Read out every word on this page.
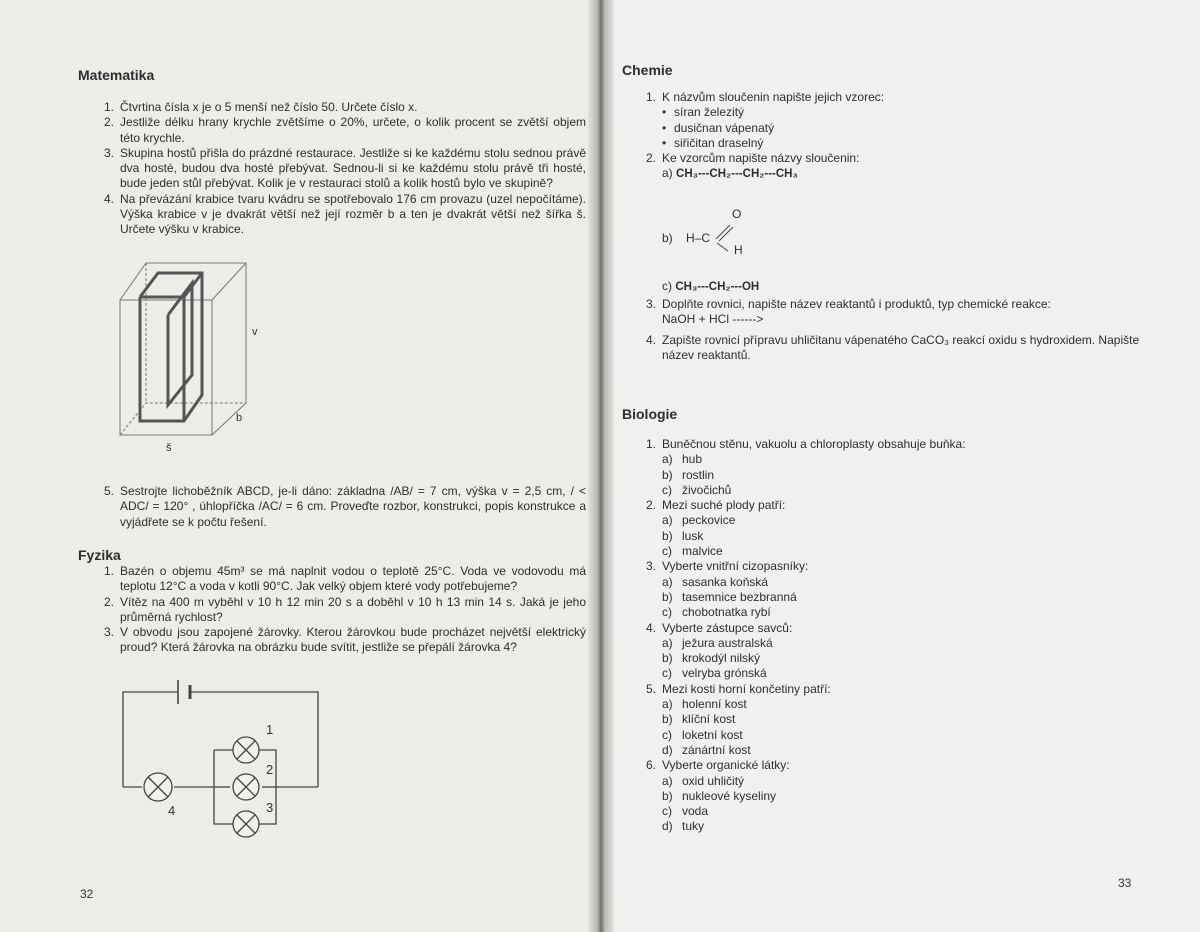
Matematika
1. Čtvrtina čísla x je o 5 menší než číslo 50. Určete číslo x.
2. Jestliže délku hrany krychle zvětšíme o 20%, určete, o kolik procent se zvětší objem této krychle.
3. Skupina hostů přišla do prázdné restaurace. Jestliže si ke každému stolu sednou právě dva hosté, budou dva hosté přebývat. Sednou-li si ke každému stolu právě tři hosté, bude jeden stůl přebývat. Kolik je v restauraci stolů a kolik hostů bylo ve skupině?
4. Na převázání krabice tvaru kvádru se spotřebovalo 176 cm provazu (uzel nepočítáme). Výška krabice v je dvakrát větší než její rozměr b a ten je dvakrát větší než šířka š. Určete výšku v krabice.
v
b
š
5. Sestrojte lichoběžník ABCD, je-li dáno: základna /AB/ = 7 cm, výška v = 2,5 cm, / < ADC/ = 120° , úhlopříčka /AC/ = 6 cm. Proveďte rozbor, konstrukci, popis konstrukce a vyjádřete se k počtu řešení.
Fyzika
1. Bazén o objemu 45m³ se má naplnit vodou o teplotě 25°C. Voda ve vodovodu má teplotu 12°C a voda v kotli 90°C. Jak velký objem které vody potřebujeme?
2. Vítěz na 400 m vyběhl v 10 h 12 min 20 s a doběhl v 10 h 13 min 14 s. Jaká je jeho průměrná rychlost?
3. V obvodu jsou zapojené žárovky. Kterou žárovkou bude procházet největší elektrický proud? Která žárovka na obrázku bude svítit, jestliže se přepálí žárovka 4?
1
2
3
4
32
Chemie
1. K názvům sloučenin napište jejich vzorec:
• síran železitý
• dusičnan vápenatý
• siřičitan draselný
2. Ke vzorcům napište názvy sloučenin:
a) CH₃---CH₂---CH₂---CH₃
b) H–C
O
H
c) CH₃---CH₂---OH
3. Doplňte rovnici, napište název reaktantů i produktů, typ chemické reakce:
NaOH + HCl ------>
4. Zapište rovnicí přípravu uhličitanu vápenatého CaCO₃ reakcí oxidu s hydroxidem. Napište název reaktantů.
Biologie
1. Buněčnou stěnu, vakuolu a chloroplasty obsahuje buňka:
a) hub
b) rostlin
c) živočichů
2. Mezi suché plody patří:
a) peckovice
b) lusk
c) malvice
3. Vyberte vnitřní cizopasníky:
a) sasanka koňská
b) tasemnice bezbranná
c) chobotnatka rybí
4. Vyberte zástupce savců:
a) ježura australská
b) krokodýl nilský
c) velryba grónská
5. Mezi kosti horní končetiny patří:
a) holenní kost
b) klíční kost
c) loketní kost
d) zánártní kost
6. Vyberte organické látky:
a) oxid uhličitý
b) nukleové kyseliny
c) voda
d) tuky
33
